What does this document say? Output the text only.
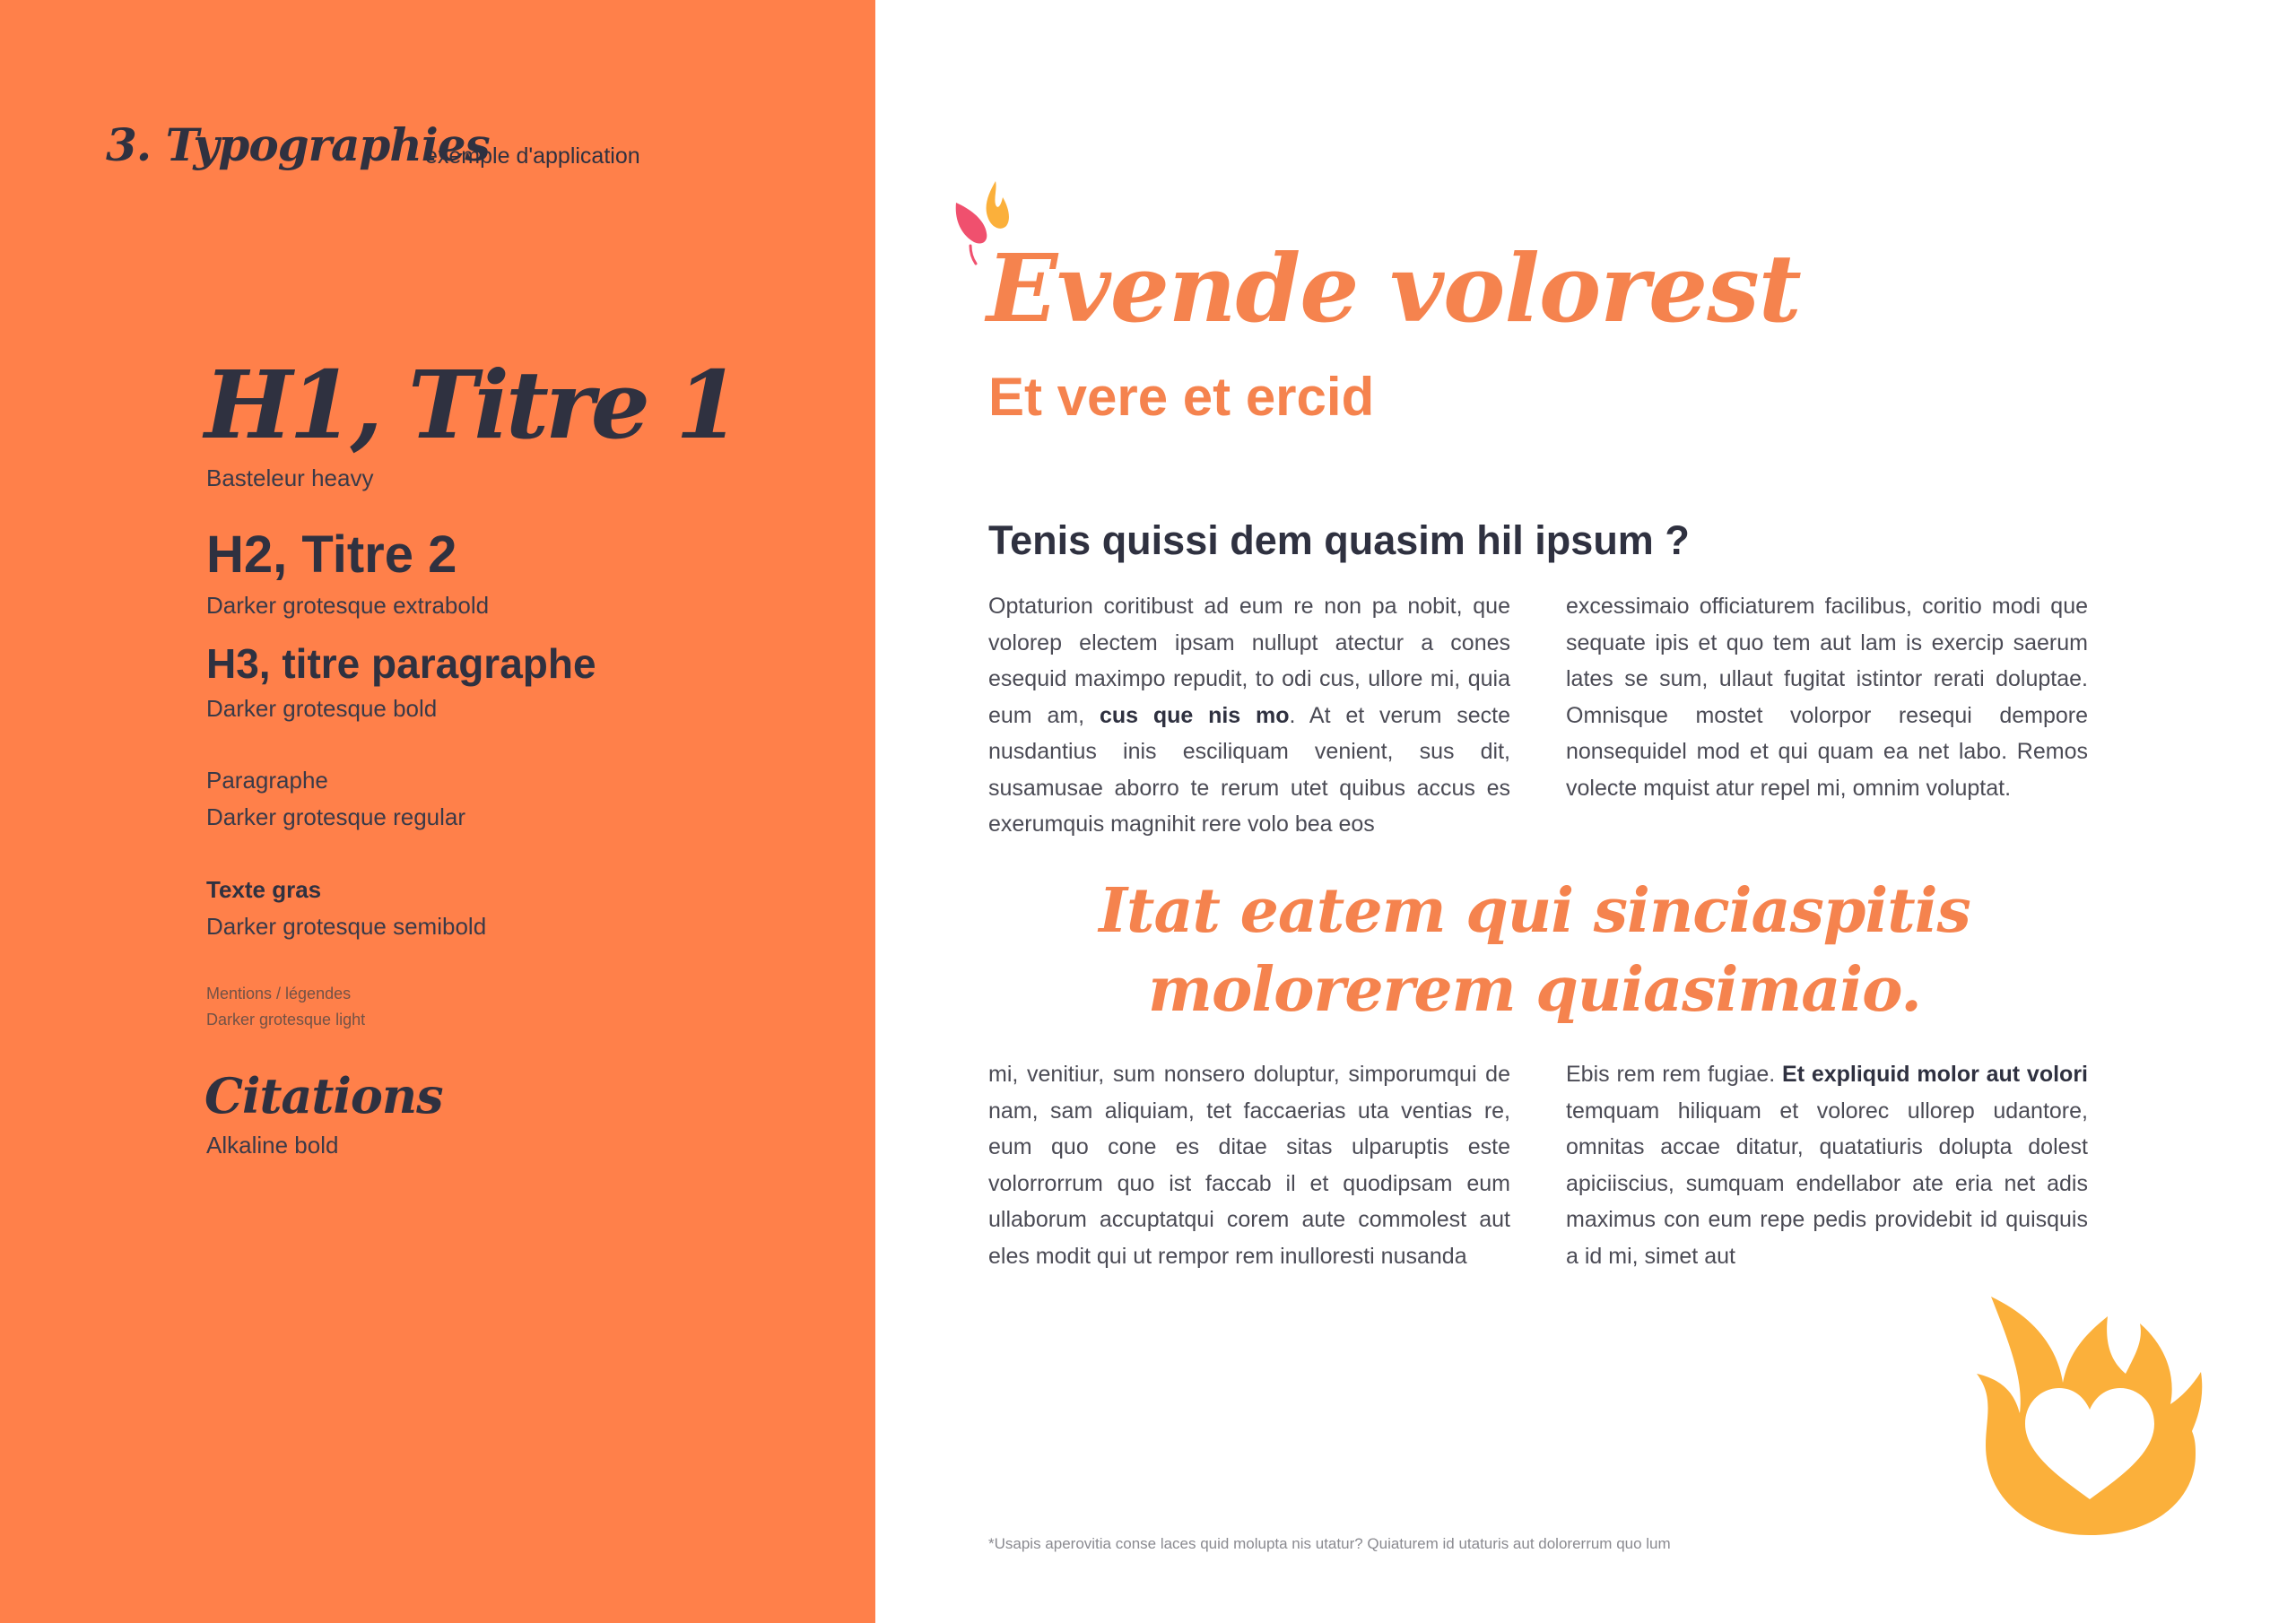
3. Typographies
exemple d'application
H1, Titre 1
Basteleur heavy
H2, Titre 2
Darker grotesque extrabold
H3, titre paragraphe
Darker grotesque bold
Paragraphe
Darker grotesque regular
Texte gras
Darker grotesque semibold
Mentions / légendes
Darker grotesque light
Citations
Alkaline bold
Evende volorest
Et vere et ercid
Tenis quissi dem quasim hil ipsum ?

Optaturion coritibust ad eum re non pa nobit, que volorep electem ipsam nullupt atectur a cones esequid maximpo repudit, to odi cus, ullore mi, quia eum am, cus que nis mo. At et verum secte nusdantius inis esciliquam venient, sus dit, susamusae aborro te rerum utet quibus accus es exerumquis magnihit rere volo bea eos

excessimaio officiaturem facilibus, coritio modi que sequate ipis et quo tem aut lam is exercip saerum lates se sum, ullaut fugitat istintor rerati doluptae. Omnisque mostet volorpor resequi dempore nonsequidel mod et qui quam ea net labo. Remos volecte mquist atur repel mi, omnim voluptat.

Itat eatem qui sinciaspitis
molorerem quiasimaio.

mi, venitiur, sum nonsero doluptur, simporumqui de nam, sam aliquiam, tet faccaerias uta ventias re, eum quo cone es ditae sitas ulparuptis este volorrorrum quo ist faccab il et quodipsam eum ullaborum accuptatqui corem aute commolest aut eles modit qui ut rempor rem inulloresti nusanda

Ebis rem rem fugiae. Et expliquid molor aut volori temquam hiliquam et volorec ullorep udantore, omnitas accae ditatur, quatatiuris dolupta dolest apiciiscius, sumquam endellabor ate eria net adis maximus con eum repe pedis providebit id quisquis a id mi, simet aut

*Usapis aperovitia conse laces quid molupta nis utatur? Quiaturem id utaturis aut dolorerrum quo lum
